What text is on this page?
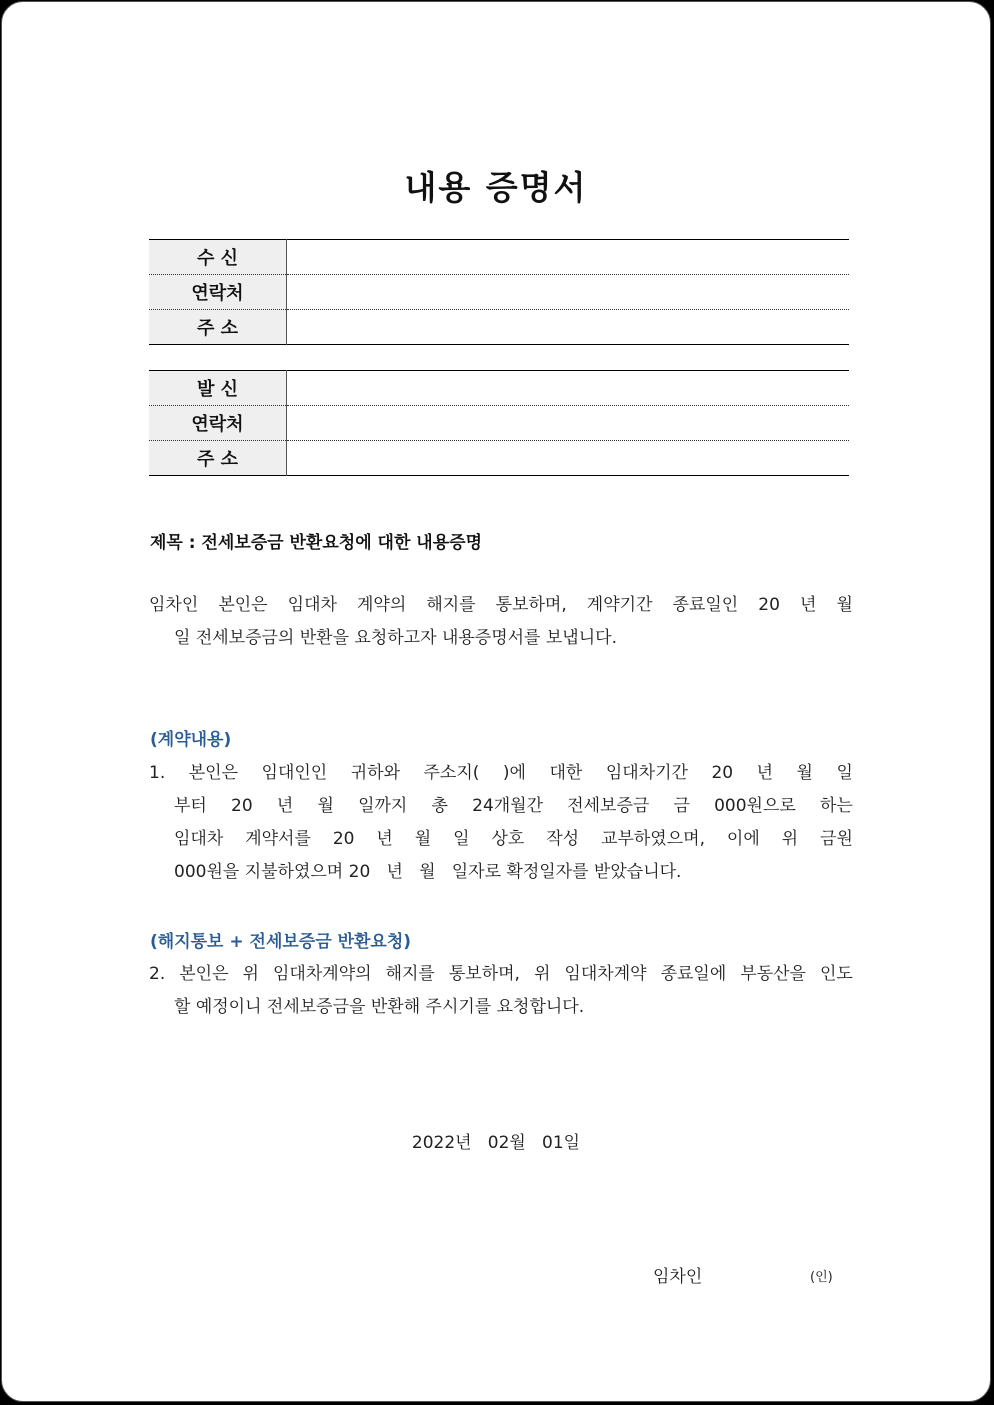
내용 증명서
수 신	
연락처	
주 소	
발 신	
연락처	
주 소	
제목 : 전세보증금 반환요청에 대한 내용증명
임차인 본인은 임대차 계약의 해지를 통보하며, 계약기간 종료일인 20 년 월
일 전세보증금의 반환을 요청하고자 내용증명서를 보냅니다.
(계약내용)
1. 본인은 임대인인 귀하와 주소지( )에 대한 임대차기간 20 년 월 일
부터 20 년 월 일까지 총 24개월간 전세보증금 금 000원으로 하는
임대차 계약서를 20 년 월 일 상호 작성 교부하였으며, 이에 위 금원
000원을 지불하였으며 20   년   월   일자로 확정일자를 받았습니다.
(해지통보 + 전세보증금 반환요청)
2. 본인은 위 임대차계약의 해지를 통보하며, 위 임대차계약 종료일에 부동산을 인도
할 예정이니 전세보증금을 반환해 주시기를 요청합니다.
2022년   02월   01일
임차인	(인)
